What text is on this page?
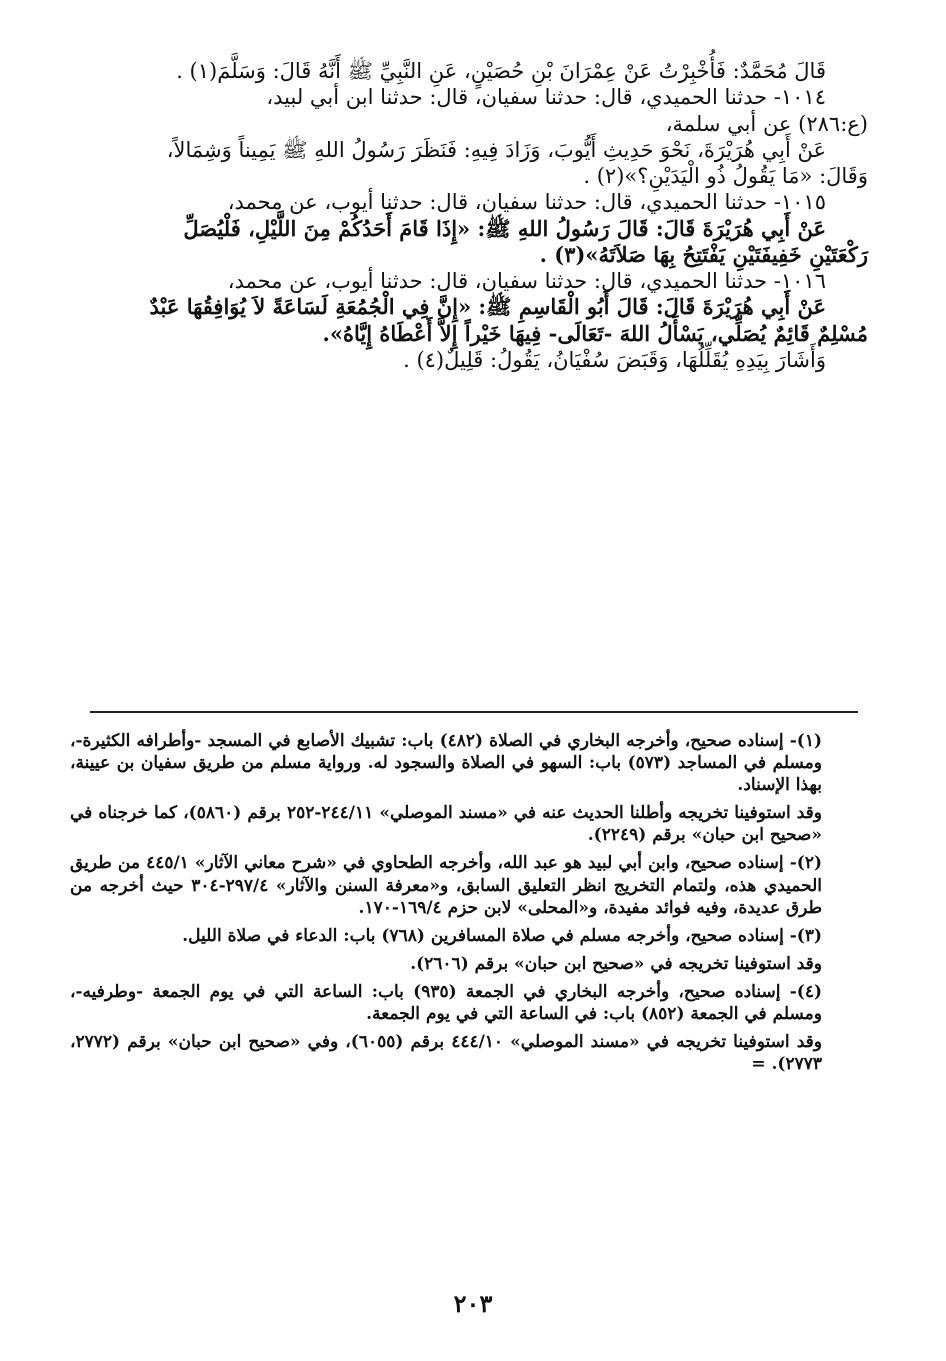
قَالَ مُحَمَّدٌ: فَأُخْبِرْتُ عَنْ عِمْرَانَ بْنِ حُصَيْنٍ، عَنِ النَّبِيِّ ﷺ أَنَّهُ قَالَ: وَسَلَّمَ(١) .

١٠١٤- حدثنا الحميدي، قال: حدثنا سفيان، قال: حدثنا ابن أبي لبيد،

(ع:٢٨٦) عن أبي سلمة،

عَنْ أَبِي هُرَيْرَةَ، نَحْوَ حَدِيثِ أَيُّوبَ، وَزَادَ فِيهِ: فَنَظَرَ رَسُولُ اللهِ ﷺ يَمِيناً وَشِمَالاً،

وَقَالَ: «مَا يَقُولُ ذُو الْيَدَيْنِ؟»(٢) .

١٠١٥- حدثنا الحميدي، قال: حدثنا سفيان، قال: حدثنا أيوب، عن محمد،

عَنْ أَبِي هُرَيْرَةَ قَالَ: قَالَ رَسُولُ اللهِ ﷺ: «إِذَا قَامَ أَحَدُكُمْ مِنَ اللَّيْلِ، فَلْيُصَلِّ

رَكْعَتَيْنِ خَفِيفَتَيْنِ يَفْتَتِحُ بِهَا صَلاَتَهُ»(٣) .

١٠١٦- حدثنا الحميدي، قال: حدثنا سفيان، قال: حدثنا أيوب، عن محمد،

عَنْ أَبِي هُرَيْرَةَ قَالَ: قَالَ أَبُو الْقَاسِمِ ﷺ: «إِنَّ فِي الْجُمُعَةِ لَسَاعَةً لاَ يُوَافِقُهَا عَبْدٌ

مُسْلِمٌ قَائِمٌ يُصَلِّي، يَسْأَلُ اللهَ -تَعَالَى- فِيهَا خَيْراً إِلاَّ أَعْطَاهُ إِيَّاهُ».

وَأَشَارَ بِيَدِهِ يُقَلِّلُهَا، وَقَبَضَ سُفْيَانُ، يَقُولُ: قَلِيلٌ(٤) .

(١)- إسناده صحيح، وأخرجه البخاري في الصلاة (٤٨٢) باب: تشبيك الأصابع في المسجد -وأطرافه الكثيرة-، ومسلم في المساجد (٥٧٣) باب: السهو في الصلاة والسجود له. ورواية مسلم من طريق سفيان بن عيينة، بهذا الإسناد.

وقد استوفينا تخريجه وأطلنا الحديث عنه في «مسند الموصلي» ٢٤٤/١١-٢٥٢ برقم (٥٨٦٠)، كما خرجناه في «صحيح ابن حبان» برقم (٢٢٤٩).

(٢)- إسناده صحيح، وابن أبي لبيد هو عبد الله، وأخرجه الطحاوي في «شرح معاني الآثار» ٤٤٥/١ من طريق الحميدي هذه، ولتمام التخريج انظر التعليق السابق، و«معرفة السنن والآثار» ٢٩٧/٤-٣٠٤ حيث أخرجه من طرق عديدة، وفيه فوائد مفيدة، و«المحلى» لابن حزم ١٦٩/٤-١٧٠.

(٣)- إسناده صحيح، وأخرجه مسلم في صلاة المسافرين (٧٦٨) باب: الدعاء في صلاة الليل.

وقد استوفينا تخريجه في «صحيح ابن حبان» برقم (٢٦٠٦).

(٤)- إسناده صحيح، وأخرجه البخاري في الجمعة (٩٣٥) باب: الساعة التي في يوم الجمعة -وطرفيه-، ومسلم في الجمعة (٨٥٢) باب: في الساعة التي في يوم الجمعة.

وقد استوفينا تخريجه في «مسند الموصلي» ٤٤٤/١٠ برقم (٦٠٥٥)، وفي «صحيح ابن حبان» برقم (٢٧٧٢، ٢٧٧٣). =

٢٠٣
